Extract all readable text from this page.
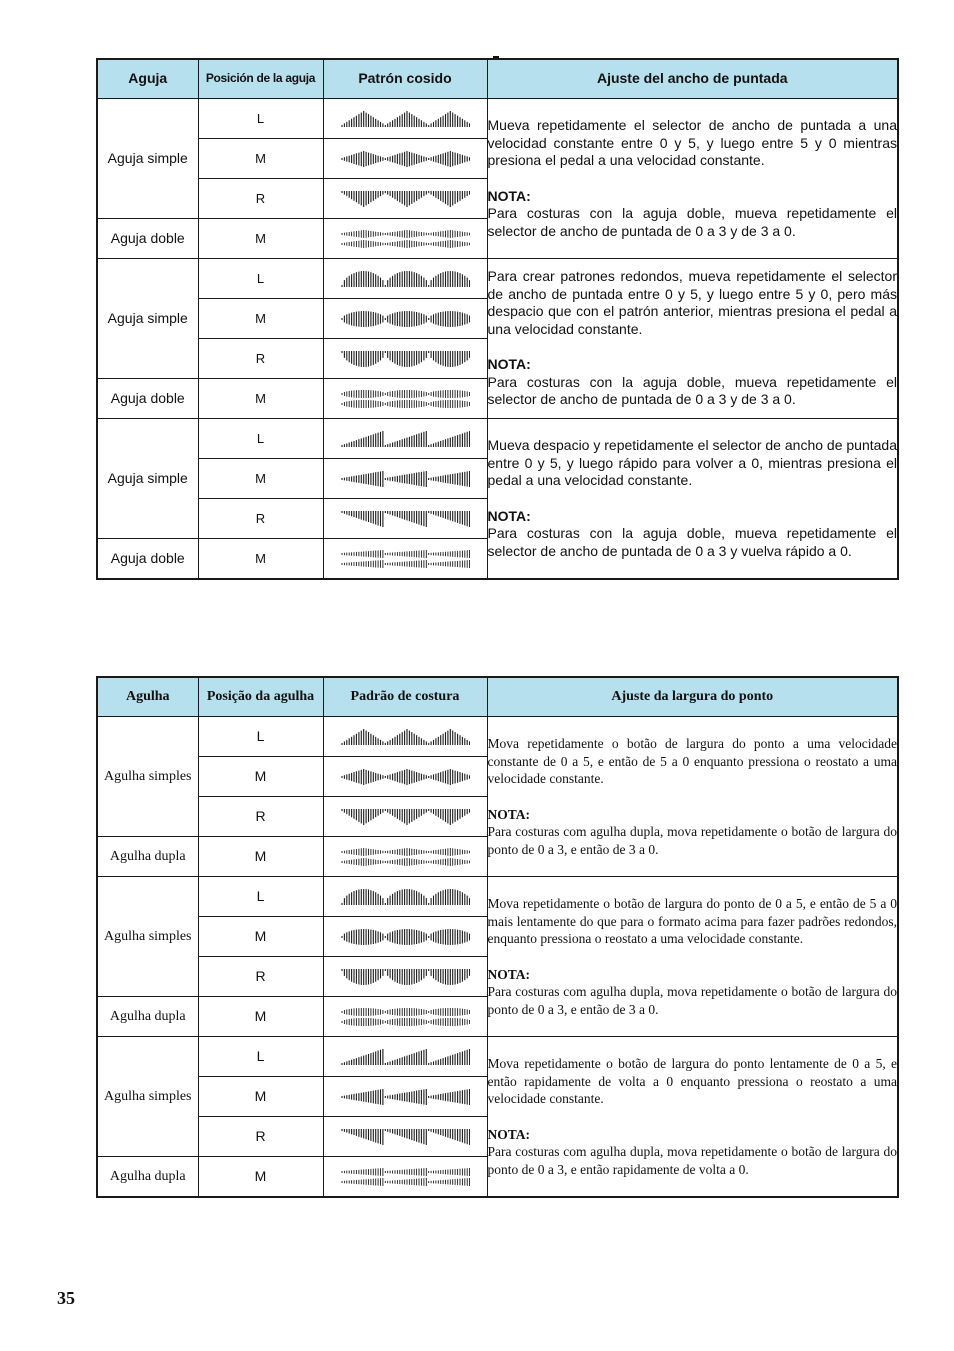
Aguja	Posición de la aguja	Patrón cosido	Ajuste del ancho de puntada
Aguja simple	L		Mueva repetidamente el selector de ancho de puntada a una velocidad constante entre 0 y 5, y luego entre 5 y 0 mientras presiona el pedal a una velocidad constante.

NOTA:

Para costuras con la aguja doble, mueva repetidamente el selector de ancho de puntada de 0 a 3 y de 3 a 0.

	M	

	R	

Aguja doble	M	

Aguja simple	L		Para crear patrones redondos, mueva repetidamente el selector de ancho de puntada entre 0 y 5, y luego entre 5 y 0, pero más despacio que con el patrón anterior, mientras presiona el pedal a una velocidad constante.

NOTA:

Para costuras con la aguja doble, mueva repetidamente el selector de ancho de puntada de 0 a 3 y de 3 a 0.

	M	

	R	

Aguja doble	M	

Aguja simple	L		Mueva despacio y repetidamente el selector de ancho de puntada entre 0 y 5, y luego rápido para volver a 0, mientras presiona el pedal a una velocidad constante.

NOTA:

Para costuras con la aguja doble, mueva repetidamente el selector de ancho de puntada de 0 a 3 y vuelva rápido a 0.

	M	

	R	

Aguja doble	M	
Agulha	Posição da agulha	Padrão de costura	Ajuste da largura do ponto
Agulha simples	L		Mova repetidamente o botão de largura do ponto a uma velocidade constante de 0 a 5, e então de 5 a 0 enquanto pressiona o reostato a uma velocidade constante.

NOTA:

Para costuras com agulha dupla, mova repetidamente o botão de largura do ponto de 0 a 3, e então de 3 a 0.

	M	

	R	

Agulha dupla	M	

Agulha simples	L		Mova repetidamente o botão de largura do ponto de 0 a 5, e então de 5 a 0 mais lentamente do que para o formato acima para fazer padrões redondos, enquanto pressiona o reostato a uma velocidade constante.

NOTA:

Para costuras com agulha dupla, mova repetidamente o botão de largura do ponto de 0 a 3, e então de 3 a 0.

	M	

	R	

Agulha dupla	M	

Agulha simples	L		Mova repetidamente o botão de largura do ponto lentamente de 0 a 5, e então rapidamente de volta a 0 enquanto pressiona o reostato a uma velocidade constante.

NOTA:

Para costuras com agulha dupla, mova repetidamente o botão de largura do ponto de 0 a 3, e então rapidamente de volta a 0.

	M	

	R	

Agulha dupla	M	
35
